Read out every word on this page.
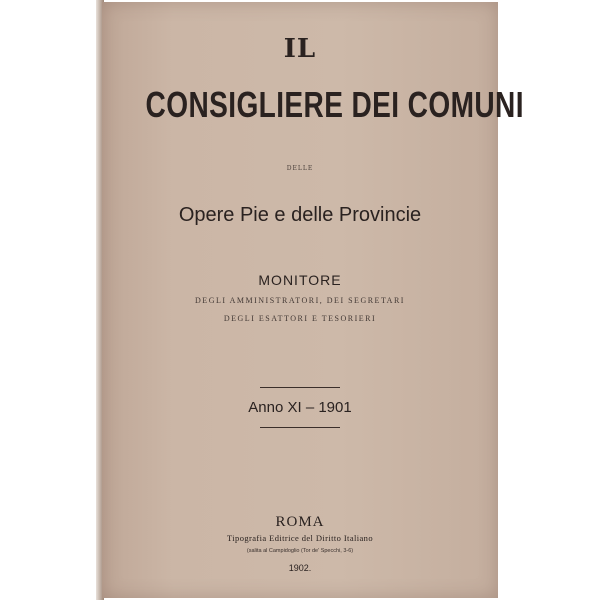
IL
CONSIGLIERE DEI COMUNI
DELLE
Opere Pie e delle Provincie
MONITORE
DEGLI AMMINISTRATORI, DEI SEGRETARI
DEGLI ESATTORI E TESORIERI
Anno XI – 1901
ROMA
Tipografia Editrice del Diritto Italiano
(salita al Campidoglio (Tor de' Specchi, 3-6)
1902.
